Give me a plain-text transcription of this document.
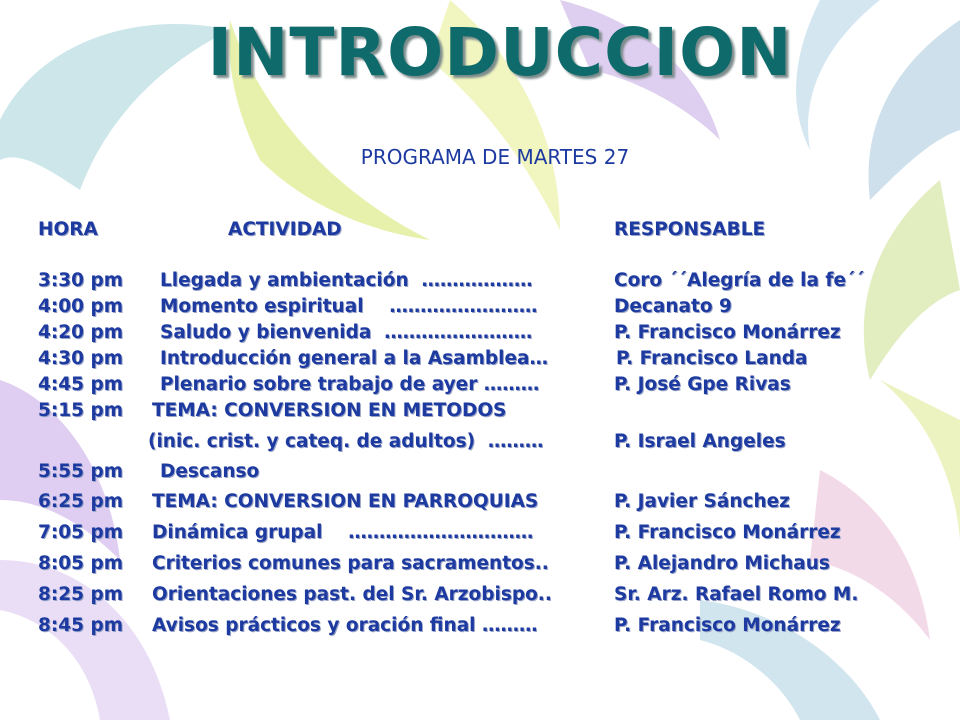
INTRODUCCION
PROGRAMA DE MARTES 27
HORA	ACTIVIDAD	RESPONSABLE
3:30 pm Llegada y ambientación  ………………	Coro ´´Alegría de la fe´´
4:00 pm Momento espiritual    ……………………	Decanato 9
4:20 pm Saludo y bienvenida  ……………………	P. Francisco Monárrez
4:30 pm Introducción general a la Asamblea…	P. Francisco Landa
4:45 pm Plenario sobre trabajo de ayer ………	P. José Gpe Rivas
5:15 pm TEMA: CONVERSION EN METODOS
(inic. crist. y cateq. de adultos)  ………	P. Israel Angeles
5:55 pm Descanso
6:25 pm TEMA: CONVERSION EN PARROQUIAS	P. Javier Sánchez
7:05 pm Dinámica grupal    …………………………	P. Francisco Monárrez
8:05 pm Criterios comunes para sacramentos..	P. Alejandro Michaus
8:25 pm Orientaciones past. del Sr. Arzobispo..	Sr. Arz. Rafael Romo M.
8:45 pm Avisos prácticos y oración final ………	P. Francisco Monárrez
